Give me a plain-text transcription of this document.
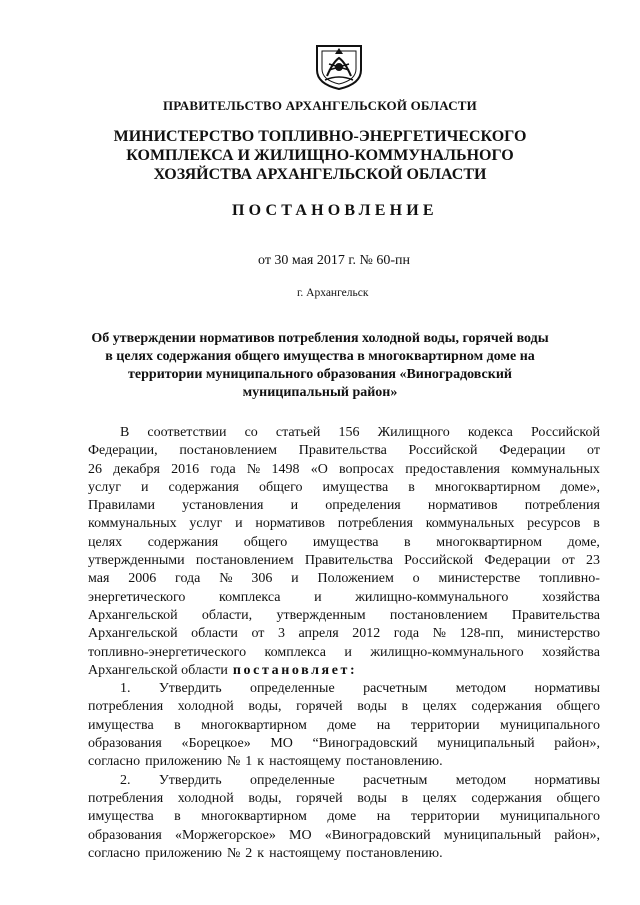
ПРАВИТЕЛЬСТВО АРХАНГЕЛЬСКОЙ ОБЛАСТИ
МИНИСТЕРСТВО ТОПЛИВНО-ЭНЕРГЕТИЧЕСКОГО
КОМПЛЕКСА И ЖИЛИЩНО-КОММУНАЛЬНОГО
ХОЗЯЙСТВА АРХАНГЕЛЬСКОЙ ОБЛАСТИ
ПОСТАНОВЛЕНИЕ
от 30 мая 2017 г. № 60-пн
г. Архангельск
Об утверждении нормативов потребления холодной воды, горячей воды
в целях содержания общего имущества в многоквартирном доме на
территории муниципального образования «Виноградовский
муниципальный район»
В соответствии со статьей 156 Жилищного кодекса Российской
Федерации, постановлением Правительства Российской Федерации от
26 декабря 2016 года № 1498 «О вопросах предоставления коммунальных
услуг и содержания общего имущества в многоквартирном доме»,
Правилами установления и определения нормативов потребления
коммунальных услуг и нормативов потребления коммунальных ресурсов в
целях содержания общего имущества в многоквартирном доме,
утвержденными постановлением Правительства Российской Федерации от 23
мая 2006 года № 306 и Положением о министерстве топливно-
энергетического комплекса и жилищно-коммунального хозяйства
Архангельской области, утвержденным постановлением Правительства
Архангельской области от 3 апреля 2012 года № 128-пп, министерство
топливно-энергетического комплекса и жилищно-коммунального хозяйства
Архангельской области постановляет:
1. Утвердить определенные расчетным методом нормативы
потребления холодной воды, горячей воды в целях содержания общего
имущества в многоквартирном доме на территории муниципального
образования «Борецкое» МО “Виноградовский муниципальный район»,
согласно приложению № 1 к настоящему постановлению.
2. Утвердить определенные расчетным методом нормативы
потребления холодной воды, горячей воды в целях содержания общего
имущества в многоквартирном доме на территории муниципального
образования «Моржегорское» МО «Виноградовский муниципальный район»,
согласно приложению № 2 к настоящему постановлению.
